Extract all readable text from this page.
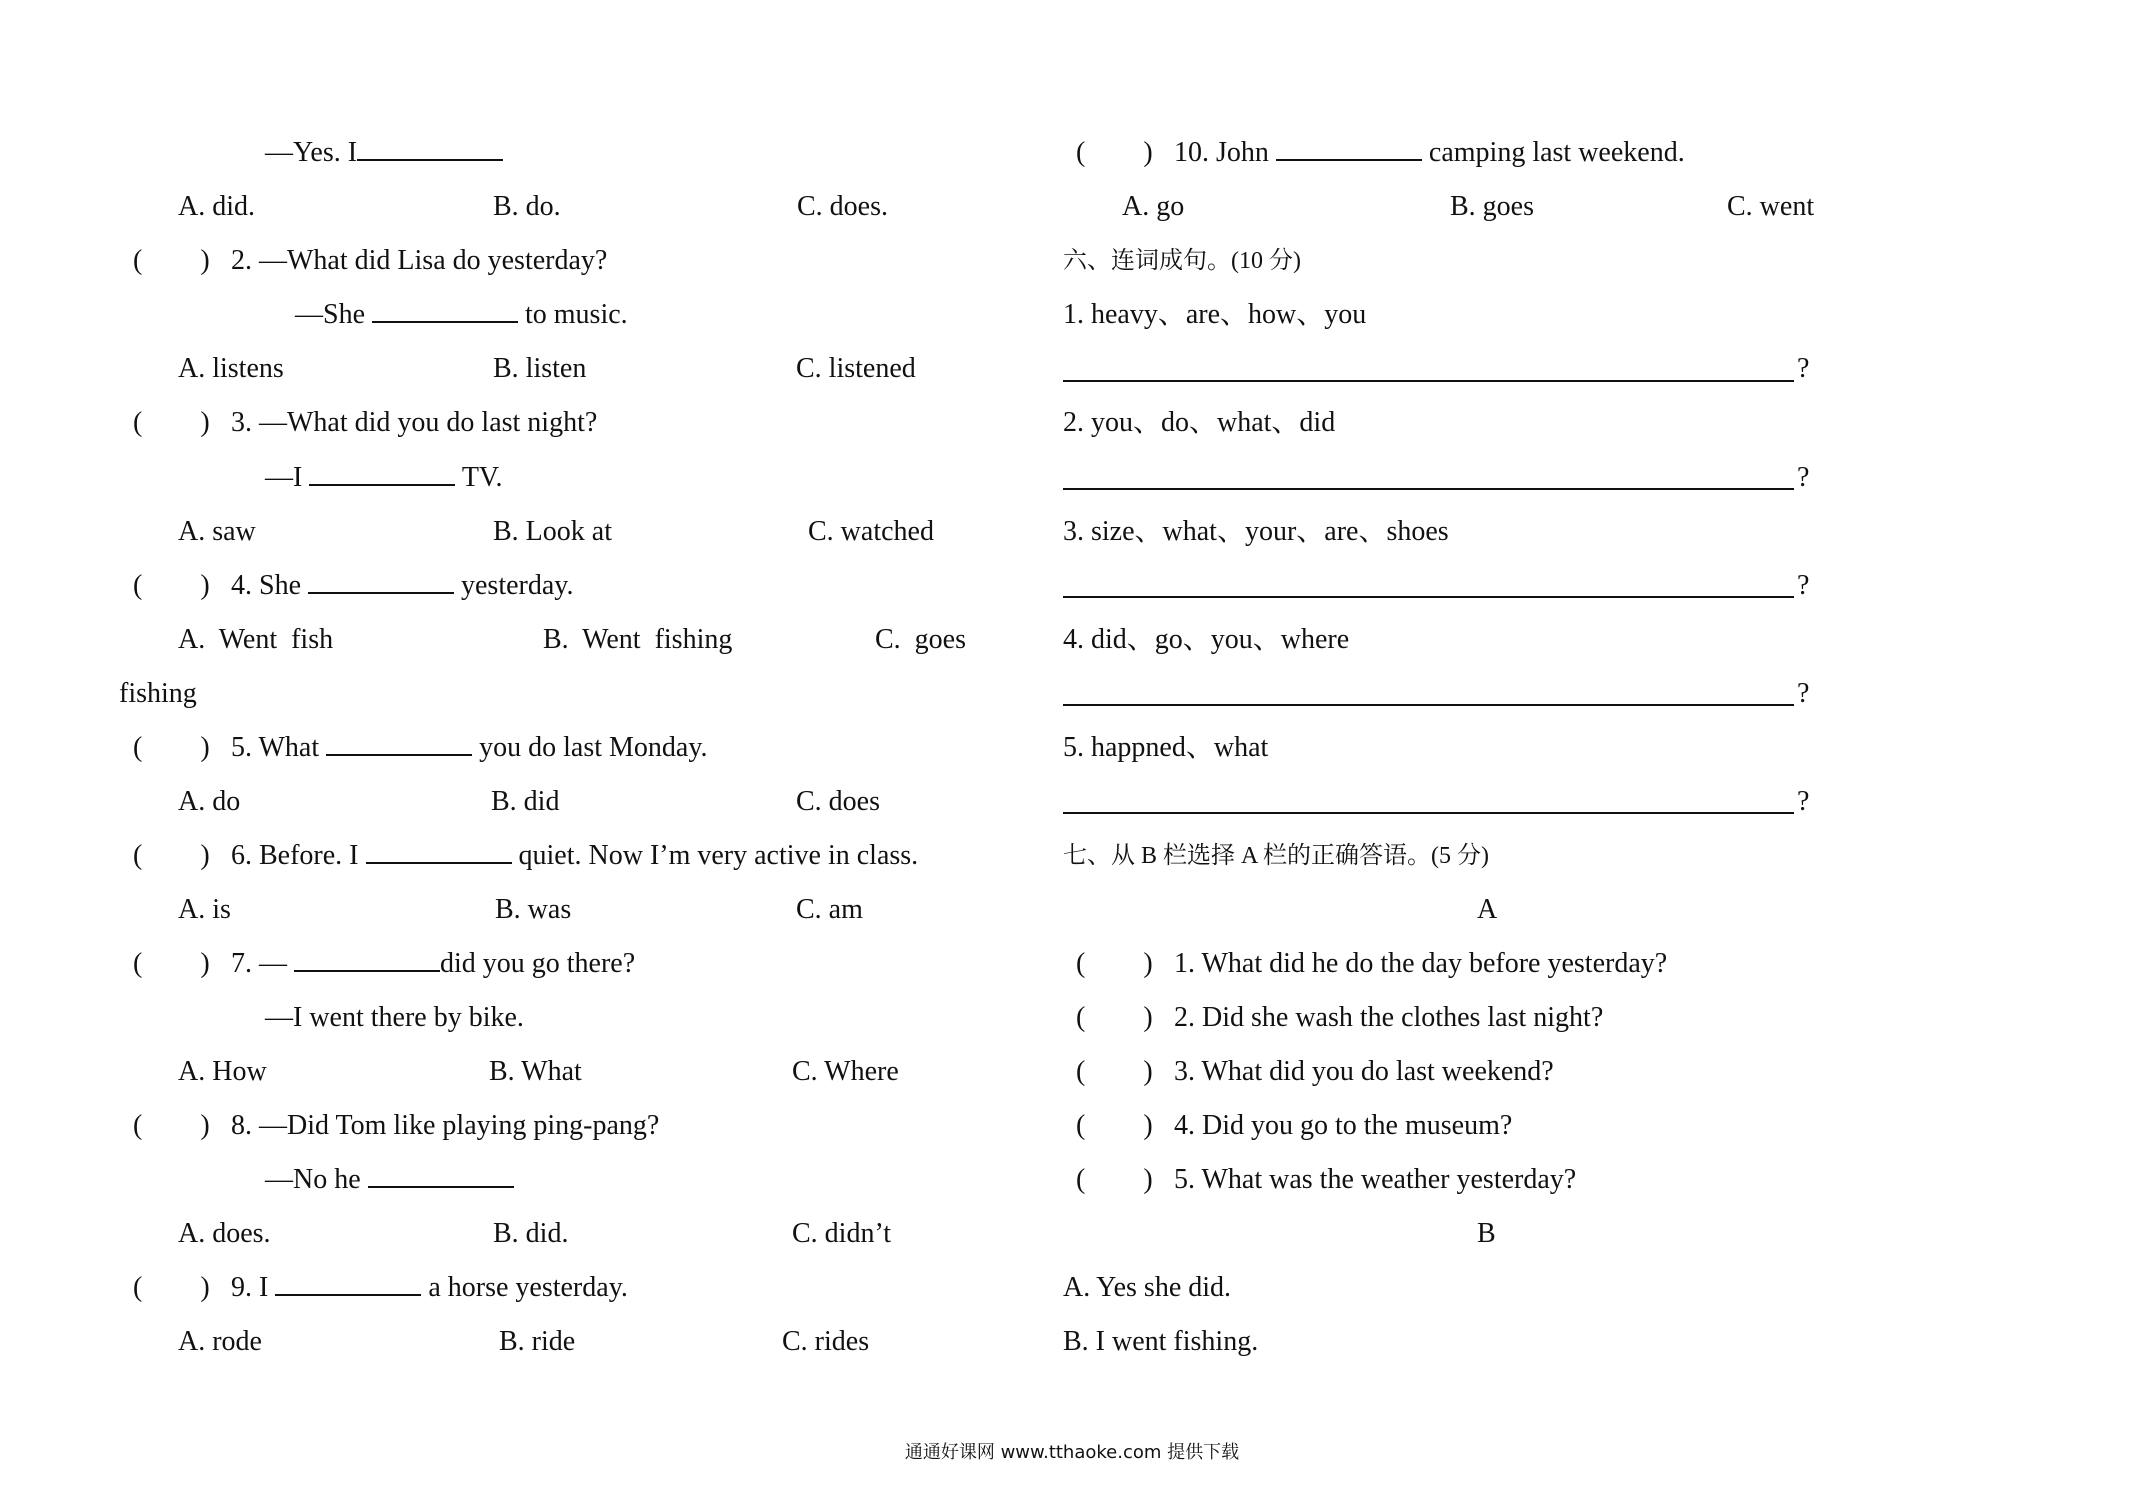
—Yes. I
A. did.	B. do.	C. does.
( ) 2. —What did Lisa do yesterday?
—She	to music.
A. listens	B. listen	C. listened
( ) 3. —What did you do last night?
—I	TV.
A. saw	B. Look at	C. watched
( ) 4. She	yesterday.
A.  Went  fish	B.  Went  fishing	C.  goes
fishing
( ) 5. What	you do last Monday.
A. do	B. did	C. does
( ) 6. Before. I	quiet. Now I’m very active in class.
A. is	B. was	C. am
( ) 7. —	did you go there?
—I went there by bike.
A. How	B. What	C. Where
( ) 8. —Did Tom like playing ping-pang?
—No he
A. does.	B. did.	C. didn’t
( ) 9. I	a horse yesterday.
A. rode	B. ride	C. rides
( ) 10. John	camping last weekend.
A. go	B. goes	C. went
六、连词成句。(10 分)
1. heavy、are、how、you
?
2. you、do、what、did
?
3. size、what、your、are、shoes
?
4. did、go、you、where
?
5. happned、what
?
七、从 B 栏选择 A 栏的正确答语。(5 分)
A
( ) 1. What did he do the day before yesterday?
( ) 2. Did she wash the clothes last night?
( ) 3. What did you do last weekend?
( ) 4. Did you go to the museum?
( ) 5. What was the weather yesterday?
B
A. Yes she did.
B. I went fishing.
通通好课网 www.tthaoke.com 提供下载
